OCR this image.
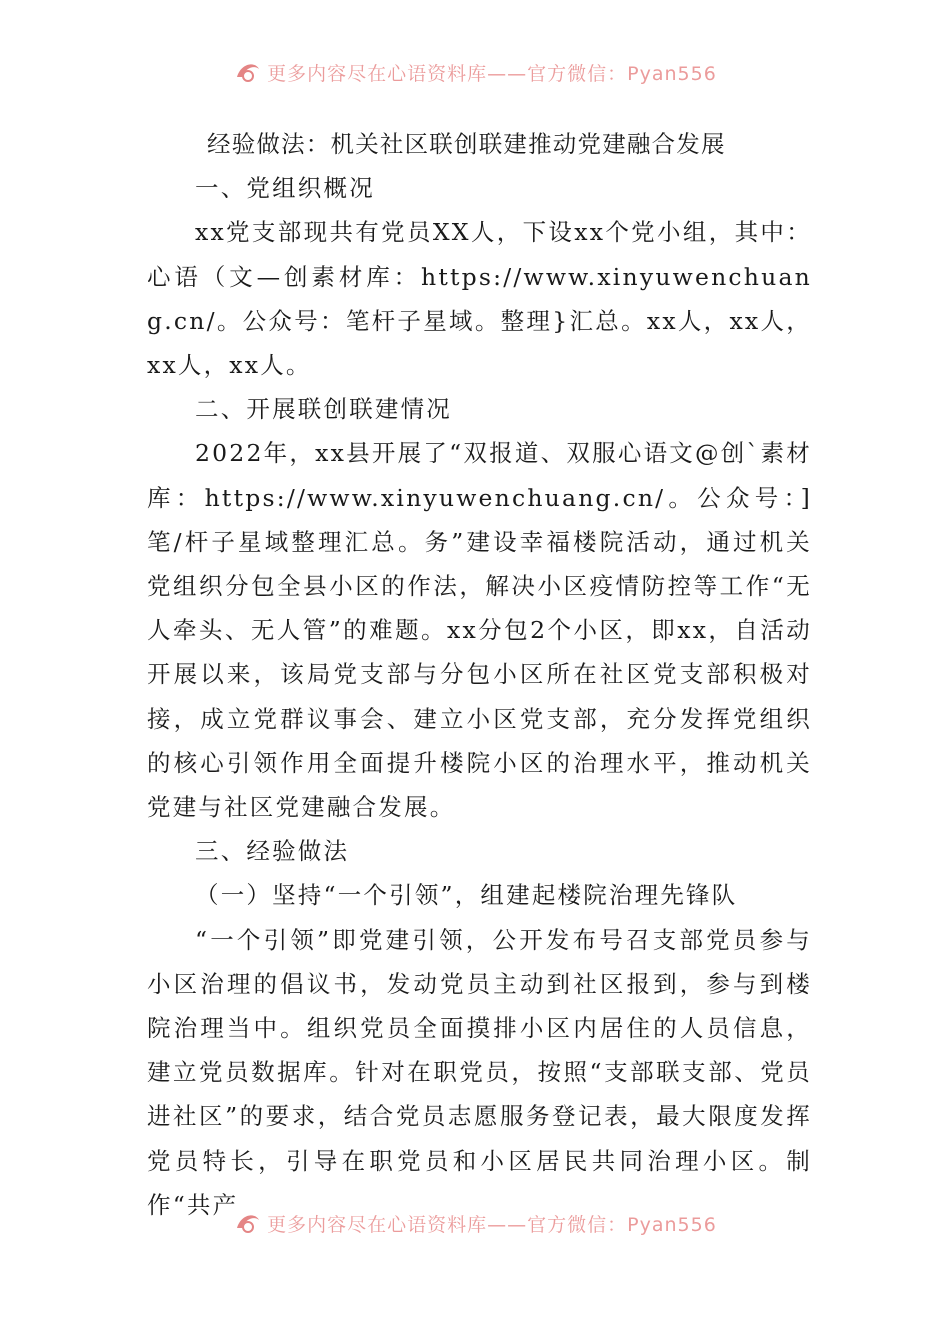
更多内容尽在心语资料库——官方微信：Pyan556

经验做法：机关社区联创联建推动党建融合发展

一、党组织概况

xx党支部现共有党员XX人，下设xx个党小组，其中：心语（文—创素材库：https://www.xinyuwenchuang.cn/。公众号：笔杆子星域。整理}汇总。xx人，xx人，xx人，xx人。

二、开展联创联建情况

2022年，xx县开展了“双报道、双服心语文@创`素材库：https://www.xinyuwenchuang.cn/。公众号：]笔/杆子星域整理汇总。务”建设幸福楼院活动，通过机关党组织分包全县小区的作法，解决小区疫情防控等工作“无人牵头、无人管”的难题。xx分包2个小区，即xx，自活动开展以来，该局党支部与分包小区所在社区党支部积极对接，成立党群议事会、建立小区党支部，充分发挥党组织的核心引领作用全面提升楼院小区的治理水平，推动机关党建与社区党建融合发展。

三、经验做法

（一）坚持“一个引领”，组建起楼院治理先锋队

“一个引领”即党建引领，公开发布号召支部党员参与小区治理的倡议书，发动党员主动到社区报到，参与到楼院治理当中。组织党员全面摸排小区内居住的人员信息，建立党员数据库。针对在职党员，按照“支部联支部、党员进社区”的要求，结合党员志愿服务登记表，最大限度发挥党员特长，引导在职党员和小区居民共同治理小区。制作“共产

更多内容尽在心语资料库——官方微信：Pyan556
